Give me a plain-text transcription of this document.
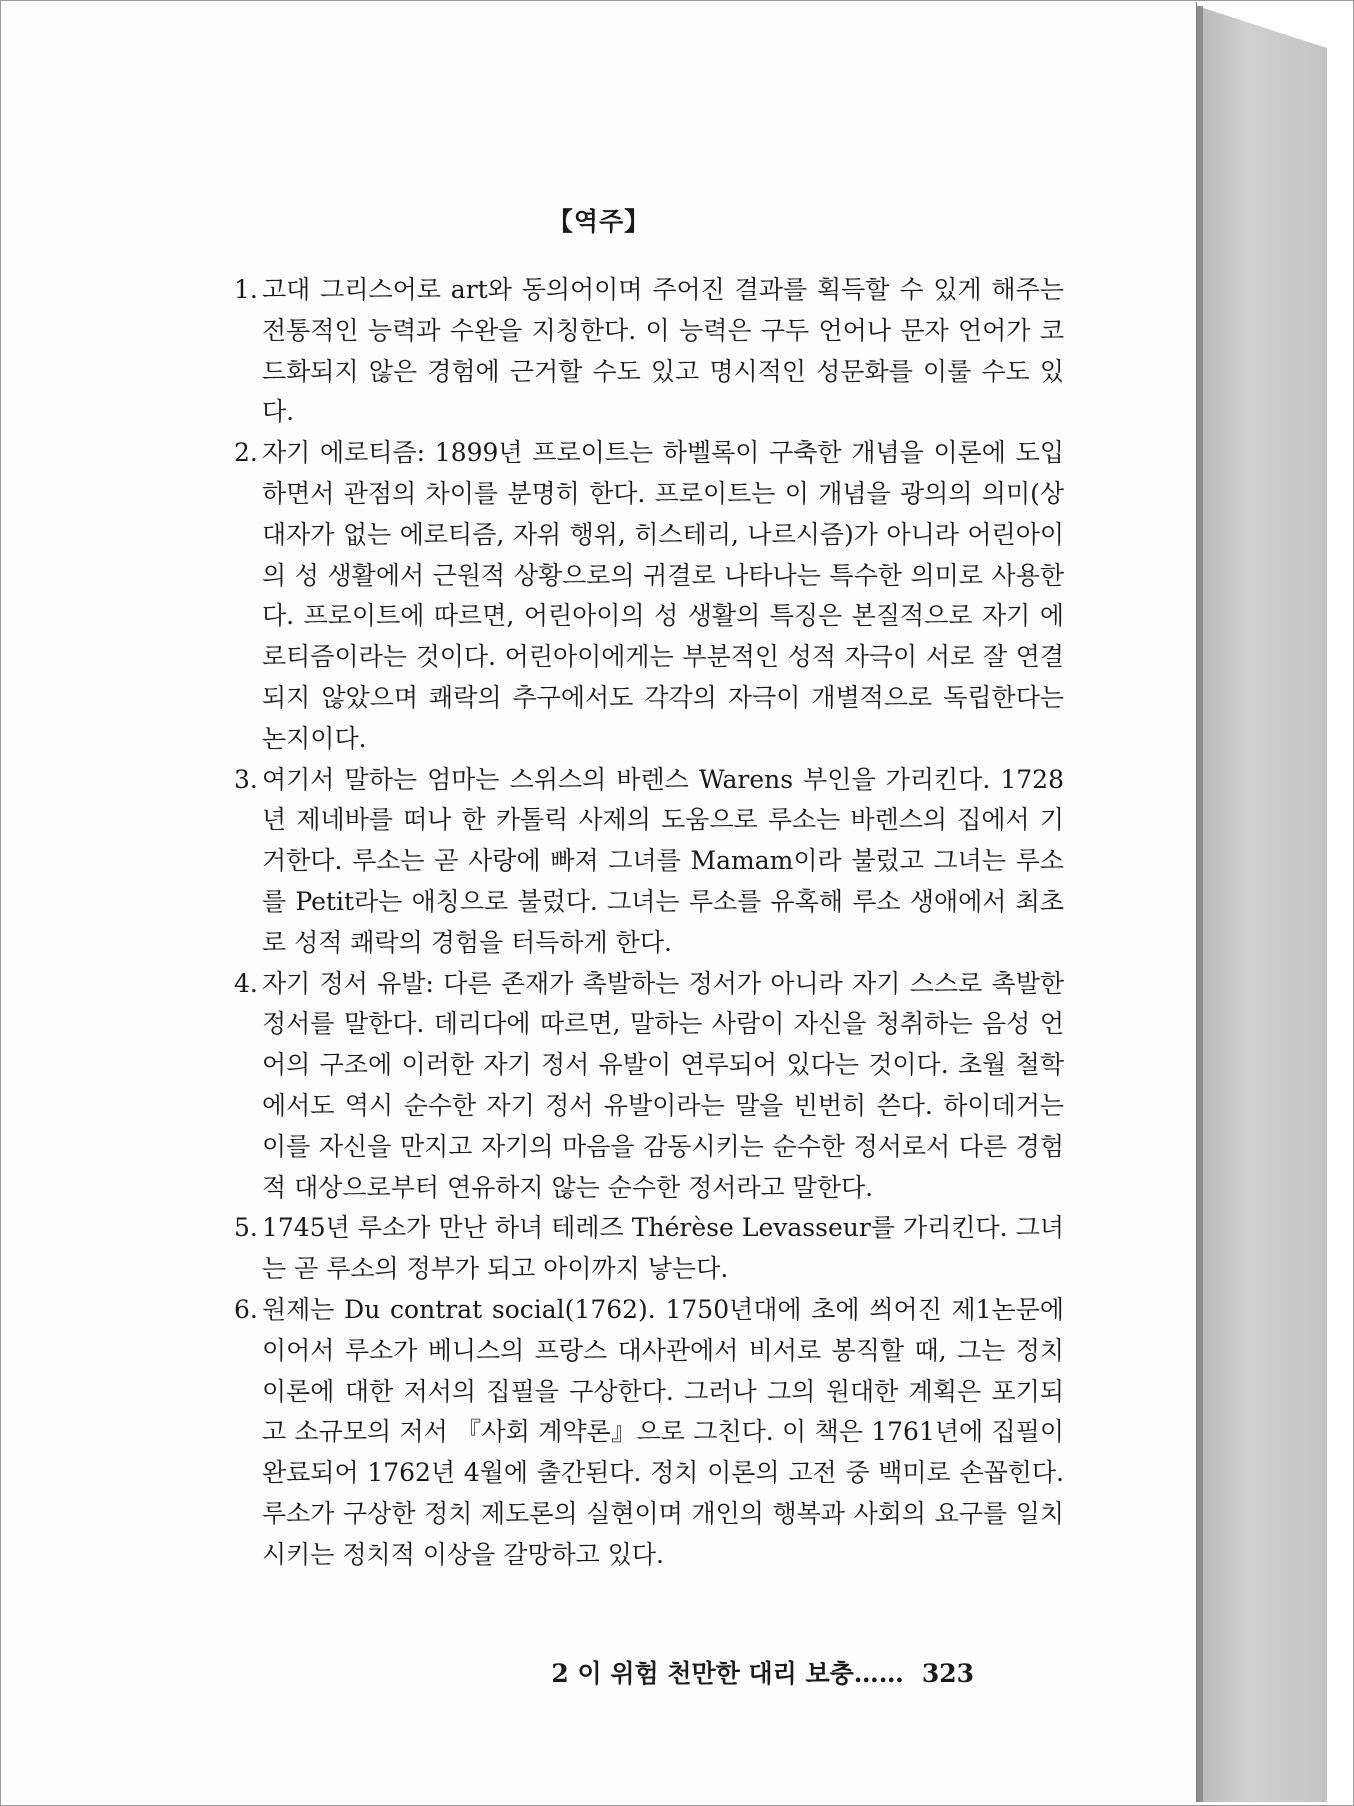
【역주】

1. 고대 그리스어로 art와 동의어이며 주어진 결과를 획득할 수 있게 해주는 전통적인 능력과 수완을 지칭한다. 이 능력은 구두 언어나 문자 언어가 코드화되지 않은 경험에 근거할 수도 있고 명시적인 성문화를 이룰 수도 있다.

2. 자기 에로티즘: 1899년 프로이트는 하벨록이 구축한 개념을 이론에 도입하면서 관점의 차이를 분명히 한다. 프로이트는 이 개념을 광의의 의미(상대자가 없는 에로티즘, 자위 행위, 히스테리, 나르시즘)가 아니라 어린아이의 성 생활에서 근원적 상황으로의 귀결로 나타나는 특수한 의미로 사용한다. 프로이트에 따르면, 어린아이의 성 생활의 특징은 본질적으로 자기 에로티즘이라는 것이다. 어린아이에게는 부분적인 성적 자극이 서로 잘 연결되지 않았으며 쾌락의 추구에서도 각각의 자극이 개별적으로 독립한다는 논지이다.

3. 여기서 말하는 엄마는 스위스의 바렌스 Warens 부인을 가리킨다. 1728년 제네바를 떠나 한 카톨릭 사제의 도움으로 루소는 바렌스의 집에서 기거한다. 루소는 곧 사랑에 빠져 그녀를 Mamam이라 불렀고 그녀는 루소를 Petit라는 애칭으로 불렀다. 그녀는 루소를 유혹해 루소 생애에서 최초로 성적 쾌락의 경험을 터득하게 한다.

4. 자기 정서 유발: 다른 존재가 촉발하는 정서가 아니라 자기 스스로 촉발한 정서를 말한다. 데리다에 따르면, 말하는 사람이 자신을 청취하는 음성 언어의 구조에 이러한 자기 정서 유발이 연루되어 있다는 것이다. 초월 철학에서도 역시 순수한 자기 정서 유발이라는 말을 빈번히 쓴다. 하이데거는 이를 자신을 만지고 자기의 마음을 감동시키는 순수한 정서로서 다른 경험적 대상으로부터 연유하지 않는 순수한 정서라고 말한다.

5. 1745년 루소가 만난 하녀 테레즈 Thérèse Levasseur를 가리킨다. 그녀는 곧 루소의 정부가 되고 아이까지 낳는다.

6. 원제는 Du contrat social(1762). 1750년대에 초에 씌어진 제1논문에 이어서 루소가 베니스의 프랑스 대사관에서 비서로 봉직할 때, 그는 정치 이론에 대한 저서의 집필을 구상한다. 그러나 그의 원대한 계획은 포기되고 소규모의 저서 『사회 계약론』으로 그친다. 이 책은 1761년에 집필이 완료되어 1762년 4월에 출간된다. 정치 이론의 고전 중 백미로 손꼽힌다. 루소가 구상한 정치 제도론의 실현이며 개인의 행복과 사회의 요구를 일치시키는 정치적 이상을 갈망하고 있다.

2 이 위험 천만한 대리 보충…… 323
